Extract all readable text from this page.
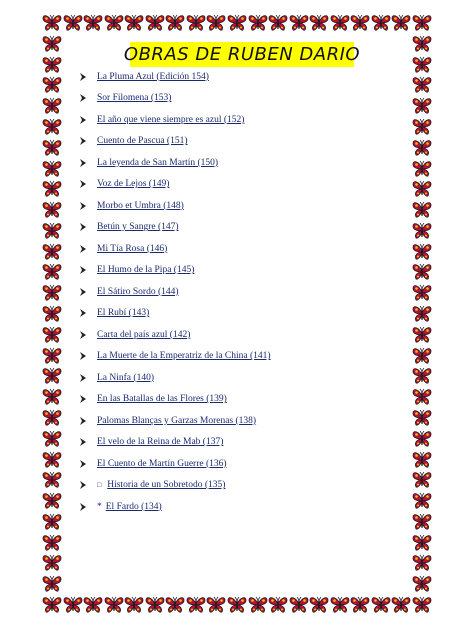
OBRAS DE RUBEN DARIO
La Pluma Azul (Edición 154)
Sor Filomena (153)
El año que viene siempre es azul (152)
Cuento de Pascua (151)
La leyenda de San Martín (150)
Voz de Lejos (149)
Morbo et Umbra (148)
Betún y Sangre (147)
Mi Tía Rosa (146)
El Humo de la Pipa (145)
El Sátiro Sordo (144)
El Rubí (143)
Carta del país azul (142)
La Muerte de la Emperatriz de la China (141)
La Ninfa (140)
En las Batallas de las Flores (139)
Palomas Blanças y Garzas Morenas (138)
El velo de la Reina de Mab (137)
El Cuento de Martín Guerre (136)
□ Historia de un Sobretodo (135)
* El Fardo (134)
